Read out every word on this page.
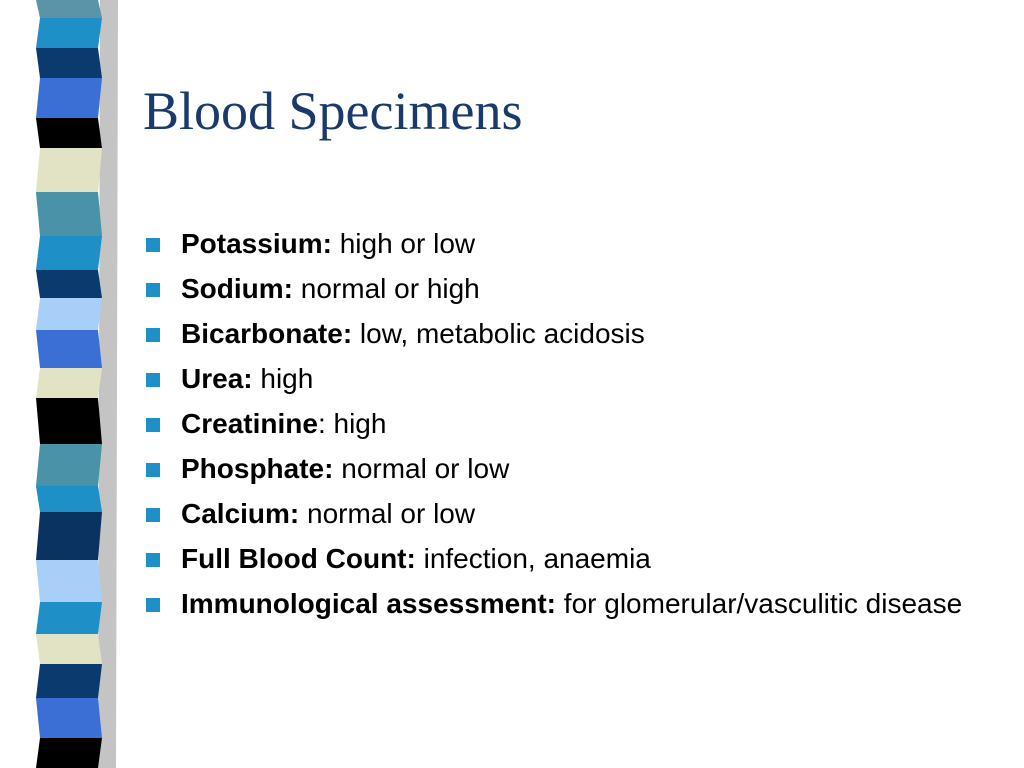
Blood Specimens
Potassium: high or low
Sodium: normal or high
Bicarbonate: low, metabolic acidosis
Urea: high
Creatinine: high
Phosphate: normal or low
Calcium: normal or low
Full Blood Count: infection, anaemia
Immunological assessment: for glomerular/vasculitic disease
